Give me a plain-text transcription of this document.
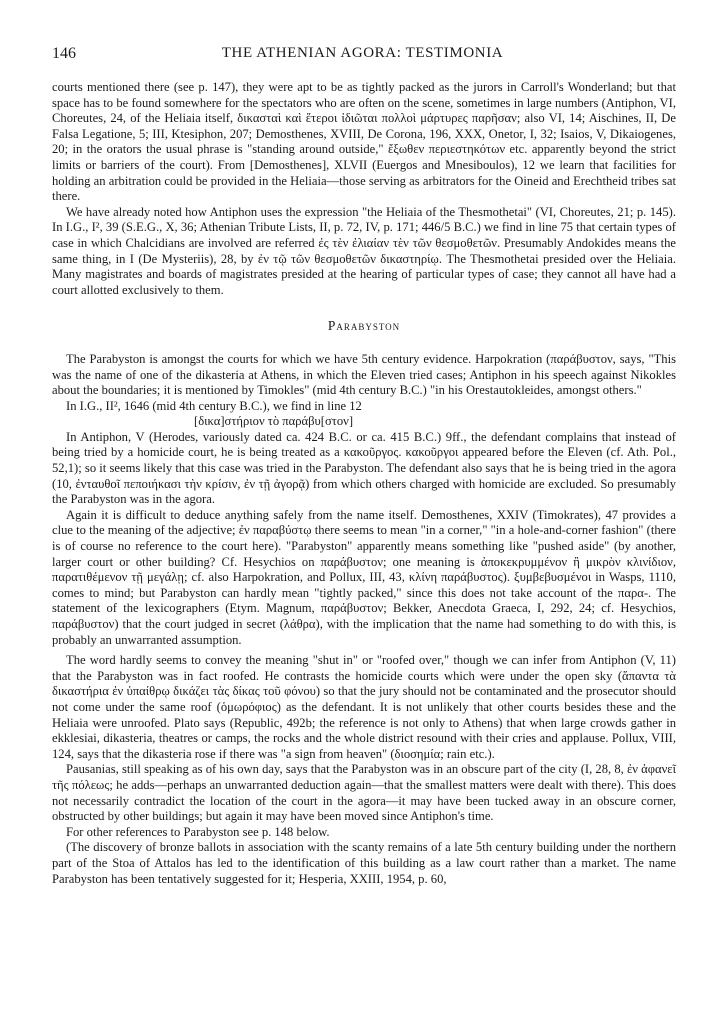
146	THE ATHENIAN AGORA: TESTIMONIA

courts mentioned there (see p. 147), they were apt to be as tightly packed as the jurors in Carroll's Wonderland; but that space has to be found somewhere for the spectators who are often on the scene, sometimes in large numbers (Antiphon, VI, Choreutes, 24, of the Heliaia itself, δικασταὶ καὶ ἕτεροι ἰδιῶται πολλοὶ μάρτυρες παρῆσαν; also VI, 14; Aischines, II, De Falsa Legatione, 5; III, Ktesiphon, 207; Demosthenes, XVIII, De Corona, 196, XXX, Onetor, I, 32; Isaios, V, Dikaiogenes, 20; in the orators the usual phrase is "standing around outside," ἔξωθεν περιεστηκότων etc. apparently beyond the strict limits or barriers of the court). From [Demosthenes], XLVII (Euergos and Mnesiboulos), 12 we learn that facilities for holding an arbitration could be provided in the Heliaia—those serving as arbitrators for the Oineid and Erechtheid tribes sat there.

We have already noted how Antiphon uses the expression "the Heliaia of the Thesmothetai" (VI, Choreutes, 21; p. 145). In I.G., I², 39 (S.E.G., X, 36; Athenian Tribute Lists, II, p. 72, IV, p. 171; 446/5 B.C.) we find in line 75 that certain types of case in which Chalcidians are involved are referred ἐς τὲν ἐλιαίαν τὲν τῶν θεσμοθετῶν. Presumably Andokides means the same thing, in I (De Mysteriis), 28, by ἐν τῷ τῶν θεσμοθετῶν δικαστηρίῳ. The Thesmothetai presided over the Heliaia. Many magistrates and boards of magistrates presided at the hearing of particular types of case; they cannot all have had a court allotted exclusively to them.

Parabyston

The Parabyston is amongst the courts for which we have 5th century evidence. Harpokration (παράβυστον, says, "This was the name of one of the dikasteria at Athens, in which the Eleven tried cases; Antiphon in his speech against Nikokles about the boundaries; it is mentioned by Timokles" (mid 4th century B.C.) "in his Orestautokleides, amongst others."

In I.G., II², 1646 (mid 4th century B.C.), we find in line 12

[δικα]στήριον τὸ παράβυ[στον]

In Antiphon, V (Herodes, variously dated ca. 424 B.C. or ca. 415 B.C.) 9ff., the defendant complains that instead of being tried by a homicide court, he is being treated as a κακοῦργος. κακοῦργοι appeared before the Eleven (cf. Ath. Pol., 52,1); so it seems likely that this case was tried in the Parabyston. The defendant also says that he is being tried in the agora (10, ἐνταυθοῖ πεποιήκασι τὴν κρίσιν, ἐν τῇ ἀγορᾷ) from which others charged with homicide are excluded. So presumably the Parabyston was in the agora.

Again it is difficult to deduce anything safely from the name itself. Demosthenes, XXIV (Timokrates), 47 provides a clue to the meaning of the adjective; ἐν παραβύστῳ there seems to mean "in a corner," "in a hole-and-corner fashion" (there is of course no reference to the court here). "Parabyston" apparently means something like "pushed aside" (by another, larger court or other building? Cf. Hesychios on παράβυστον; one meaning is ἀποκεκρυμμένον ἢ μικρὸν κλινίδιον, παρατιθέμενον τῇ μεγάλῃ; cf. also Harpokration, and Pollux, III, 43, κλίνη παράβυστος). ξυμβεβυσμένοι in Wasps, 1110, comes to mind; but Parabyston can hardly mean "tightly packed," since this does not take account of the παρα-. The statement of the lexicographers (Etym. Magnum, παράβυστον; Bekker, Anecdota Graeca, I, 292, 24; cf. Hesychios, παράβυστον) that the court judged in secret (λάθρα), with the implication that the name had something to do with this, is probably an unwarranted assumption.

The word hardly seems to convey the meaning "shut in" or "roofed over," though we can infer from Antiphon (V, 11) that the Parabyston was in fact roofed. He contrasts the homicide courts which were under the open sky (ἅπαντα τὰ δικαστήρια ἐν ὑπαίθρῳ δικάζει τὰς δίκας τοῦ φόνου) so that the jury should not be contaminated and the prosecutor should not come under the same roof (ὁμωρόφιος) as the defendant. It is not unlikely that other courts besides these and the Heliaia were unroofed. Plato says (Republic, 492b; the reference is not only to Athens) that when large crowds gather in ekklesiai, dikasteria, theatres or camps, the rocks and the whole district resound with their cries and applause. Pollux, VIII, 124, says that the dikasteria rose if there was "a sign from heaven" (διοσημία; rain etc.).

Pausanias, still speaking as of his own day, says that the Parabyston was in an obscure part of the city (I, 28, 8, ἐν ἀφανεῖ τῆς πόλεως; he adds—perhaps an unwarranted deduction again—that the smallest matters were dealt with there). This does not necessarily contradict the location of the court in the agora—it may have been tucked away in an obscure corner, obstructed by other buildings; but again it may have been moved since Antiphon's time.

For other references to Parabyston see p. 148 below.

(The discovery of bronze ballots in association with the scanty remains of a late 5th century building under the northern part of the Stoa of Attalos has led to the identification of this building as a law court rather than a market. The name Parabyston has been tentatively suggested for it; Hesperia, XXIII, 1954, p. 60,
